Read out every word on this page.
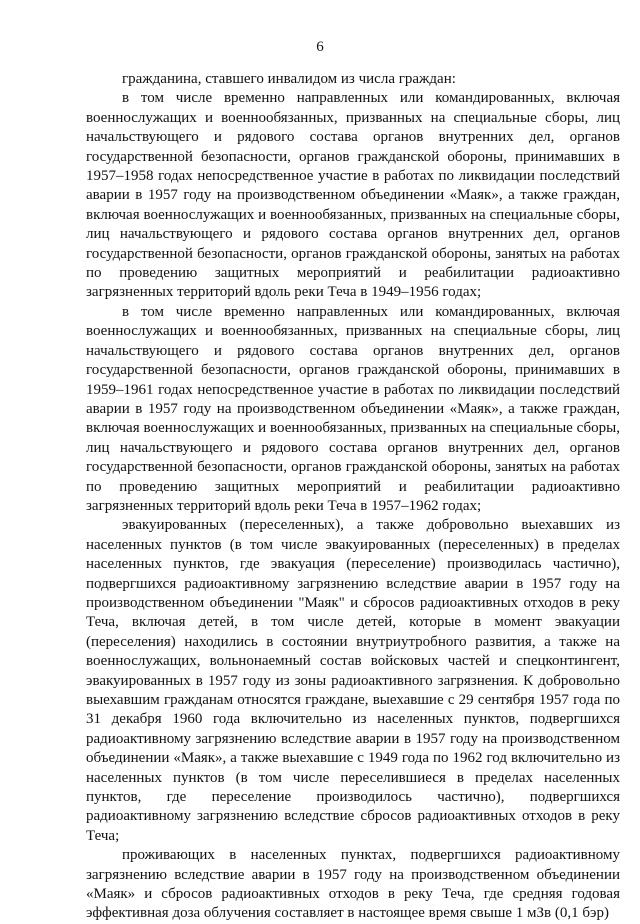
6

гражданина, ставшего инвалидом из числа граждан:

в том числе временно направленных или командированных, включая военнослужащих и военнообязанных, призванных на специальные сборы, лиц начальствующего и рядового состава органов внутренних дел, органов государственной безопасности, органов гражданской обороны, принимавших в 1957–1958 годах непосредственное участие в работах по ликвидации последствий аварии в 1957 году на производственном объединении «Маяк», а также граждан, включая военнослужащих и военнообязанных, призванных на специальные сборы, лиц начальствующего и рядового состава органов внутренних дел, органов государственной безопасности, органов гражданской обороны, занятых на работах по проведению защитных мероприятий и реабилитации радиоактивно загрязненных территорий вдоль реки Теча в 1949–1956 годах;

в том числе временно направленных или командированных, включая военнослужащих и военнообязанных, призванных на специальные сборы, лиц начальствующего и рядового состава органов внутренних дел, органов государственной безопасности, органов гражданской обороны, принимавших в 1959–1961 годах непосредственное участие в работах по ликвидации последствий аварии в 1957 году на производственном объединении «Маяк», а также граждан, включая военнослужащих и военнообязанных, призванных на специальные сборы, лиц начальствующего и рядового состава органов внутренних дел, органов государственной безопасности, органов гражданской обороны, занятых на работах по проведению защитных мероприятий и реабилитации радиоактивно загрязненных территорий вдоль реки Теча в 1957–1962 годах;

эвакуированных (переселенных), а также добровольно выехавших из населенных пунктов (в том числе эвакуированных (переселенных) в пределах населенных пунктов, где эвакуация (переселение) производилась частично), подвергшихся радиоактивному загрязнению вследствие аварии в 1957 году на производственном объединении "Маяк" и сбросов радиоактивных отходов в реку Теча, включая детей, в том числе детей, которые в момент эвакуации (переселения) находились в состоянии внутриутробного развития, а также на военнослужащих, вольнонаемный состав войсковых частей и спецконтингент, эвакуированных в 1957 году из зоны радиоактивного загрязнения. К добровольно выехавшим гражданам относятся граждане, выехавшие с 29 сентября 1957 года по 31 декабря 1960 года включительно из населенных пунктов, подвергшихся радиоактивному загрязнению вследствие аварии в 1957 году на производственном объединении «Маяк», а также выехавшие с 1949 года по 1962 год включительно из населенных пунктов (в том числе переселившиеся в пределах населенных пунктов, где переселение производилось частично), подвергшихся радиоактивному загрязнению вследствие сбросов радиоактивных отходов в реку Теча;

проживающих в населенных пунктах, подвергшихся радиоактивному загрязнению вследствие аварии в 1957 году на производственном объединении «Маяк» и сбросов радиоактивных отходов в реку Теча, где средняя годовая эффективная доза облучения составляет в настоящее время свыше 1 мЗв (0,1 бэр)
